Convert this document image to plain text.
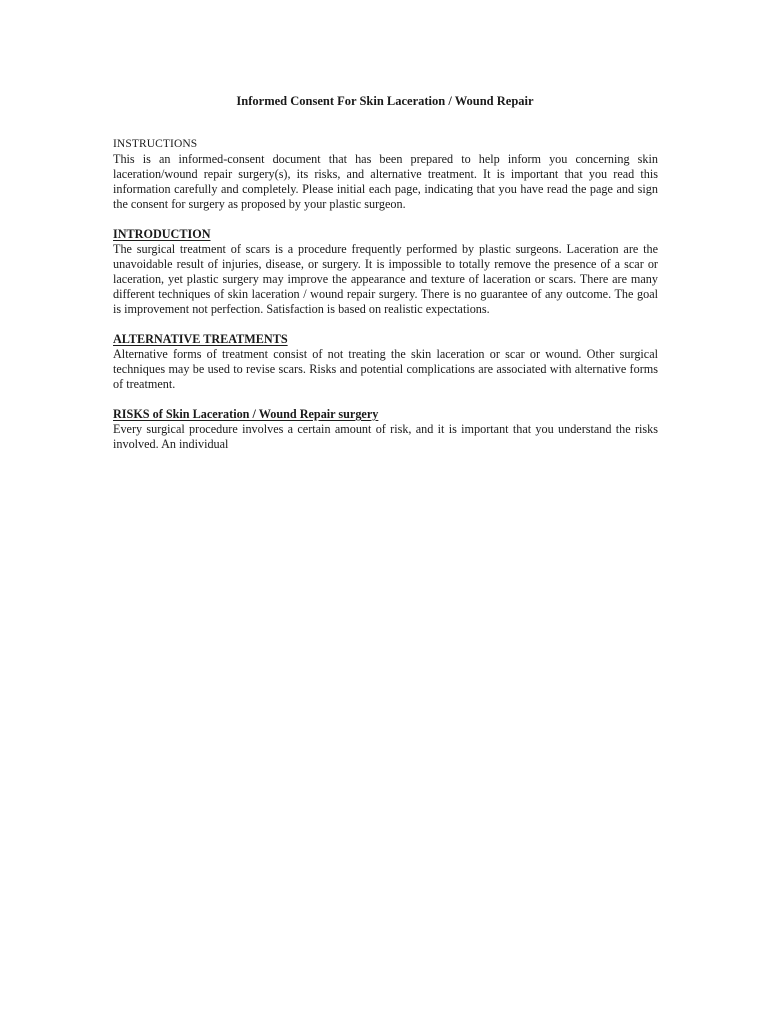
Informed Consent For Skin Laceration / Wound Repair
INSTRUCTIONS

This is an informed-consent document that has been prepared to help inform you concerning skin laceration/wound repair surgery(s), its risks, and alternative treatment. It is important that you read this information carefully and completely. Please initial each page, indicating that you have read the page and sign the consent for surgery as proposed by your plastic surgeon.

INTRODUCTION

The surgical treatment of scars is a procedure frequently performed by plastic surgeons. Laceration are the unavoidable result of injuries, disease, or surgery. It is impossible to totally remove the presence of a scar or laceration, yet plastic surgery may improve the appearance and texture of laceration or scars. There are many different techniques of skin laceration / wound repair surgery. There is no guarantee of any outcome. The goal is improvement not perfection. Satisfaction is based on realistic expectations.

ALTERNATIVE TREATMENTS

Alternative forms of treatment consist of not treating the skin laceration or scar or wound. Other surgical techniques may be used to revise scars. Risks and potential complications are associated with alternative forms of treatment.

RISKS of Skin Laceration / Wound Repair surgery

Every surgical procedure involves a certain amount of risk, and it is important that you understand the risks involved. An individual
